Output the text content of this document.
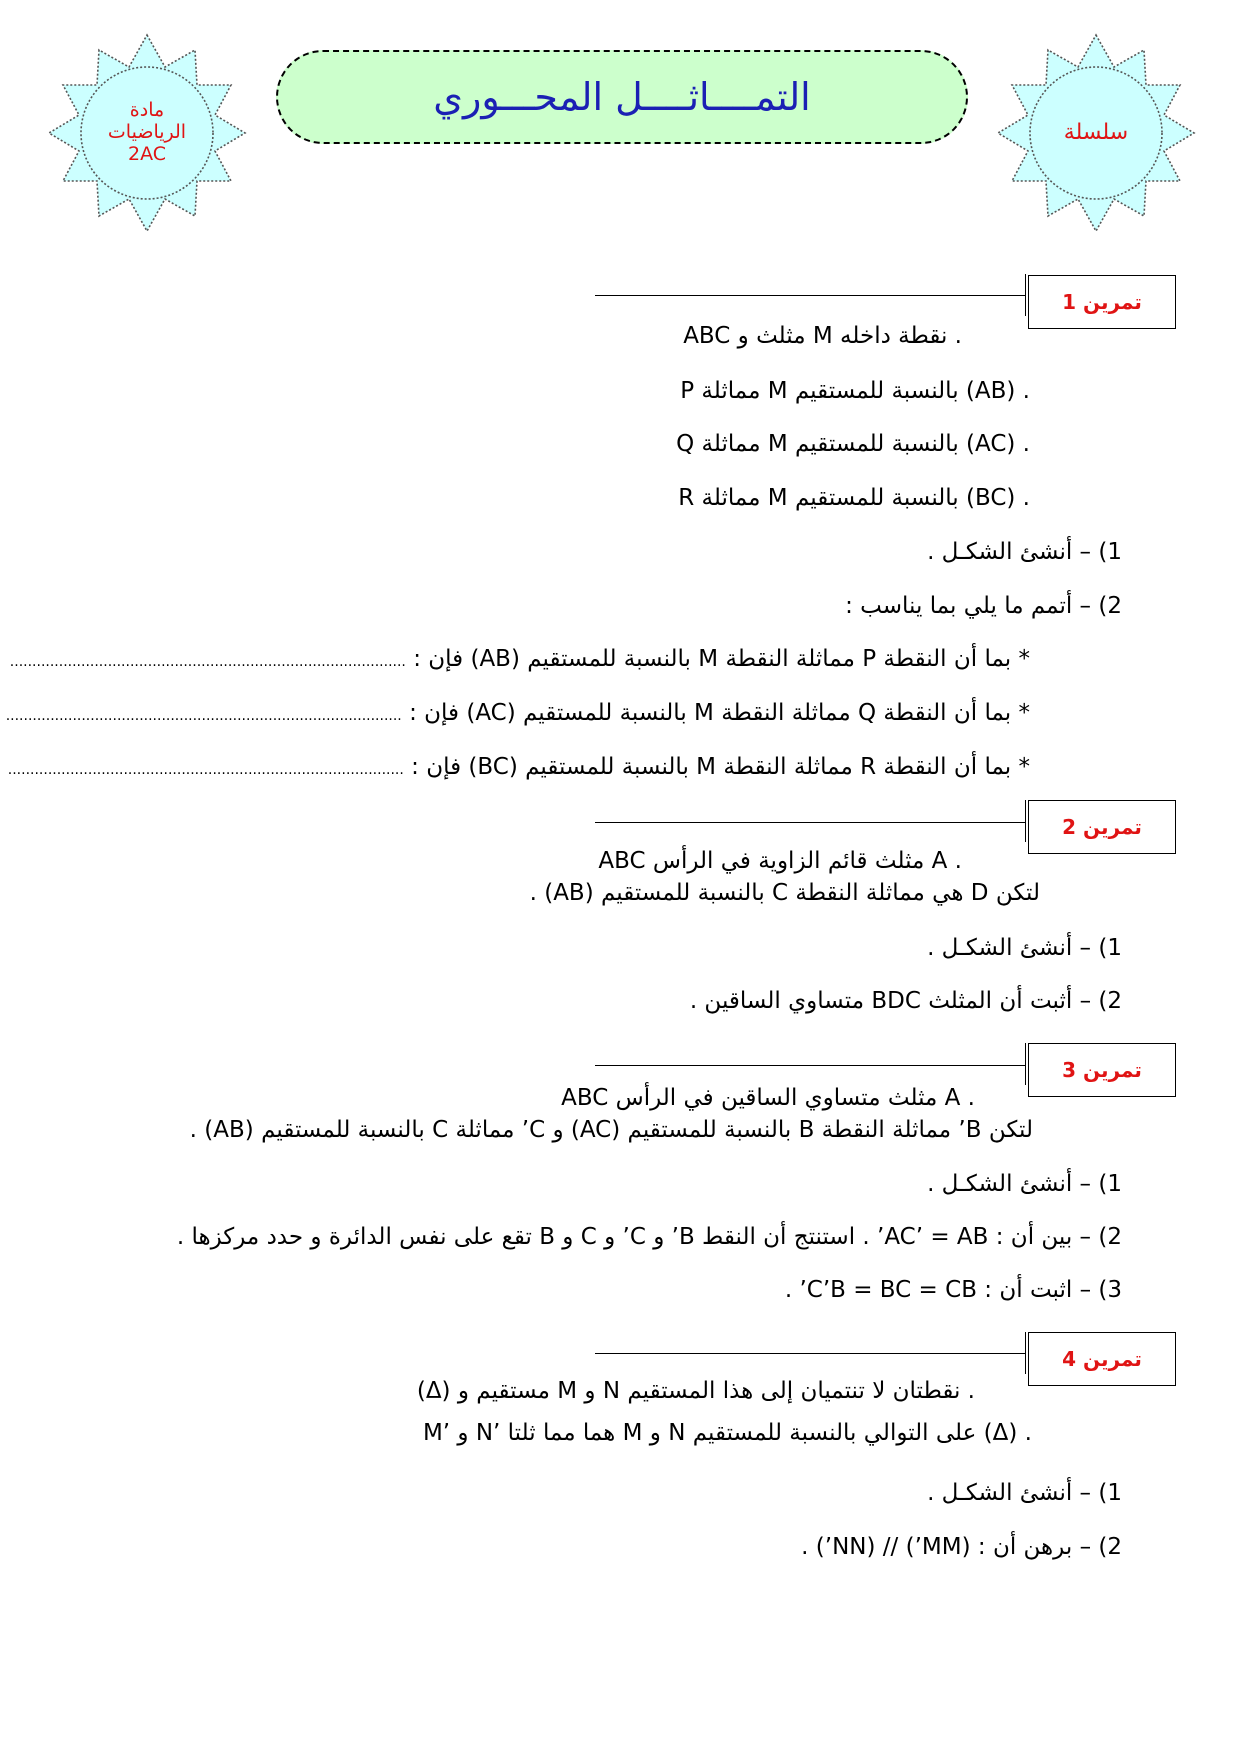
مادة
الرياضيات
2AC
التمــــاثــــل المحـــوري
سلسلة
تمرين 1
ABC مثلث و M نقطة داخله .
P مماثلة M بالنسبة للمستقيم (AB) .
Q مماثلة M بالنسبة للمستقيم (AC) .
R مماثلة M بالنسبة للمستقيم (BC) .
1) – أنشئ الشكـل .
2) – أتمم ما يلي بما يناسب :
* بما أن النقطة P مماثلة النقطة M بالنسبة للمستقيم (AB) فإن : .........................................................................................
* بما أن النقطة Q مماثلة النقطة M بالنسبة للمستقيم (AC) فإن : .........................................................................................
* بما أن النقطة R مماثلة النقطة M بالنسبة للمستقيم (BC) فإن : .........................................................................................
تمرين 2
ABC مثلث قائم الزاوية في الرأس A .
لتكن D هي مماثلة النقطة C بالنسبة للمستقيم (AB) .
1) – أنشئ الشكـل .
2) – أثبت أن المثلث BDC متساوي الساقين .
تمرين 3
ABC مثلث متساوي الساقين في الرأس A .
لتكن B’ مماثلة النقطة B بالنسبة للمستقيم (AC) و C’ مماثلة C بالنسبة للمستقيم (AB) .
1) – أنشئ الشكـل .
2) – بين أن : AC’ = AB’ . استنتج أن النقط B’ و C’ و C و B تقع على نفس الدائرة و حدد مركزها .
3) – اثبت أن : C’B = BC = CB’ .
تمرين 4
(Δ) مستقيم و M و N نقطتان لا تنتميان إلى هذا المستقيم .
M’ و N’ هما مما ثلتا M و N على التوالي بالنسبة للمستقيم (Δ) .
1) – أنشئ الشكـل .
2) – برهن أن : (MM’) // (NN’) .
